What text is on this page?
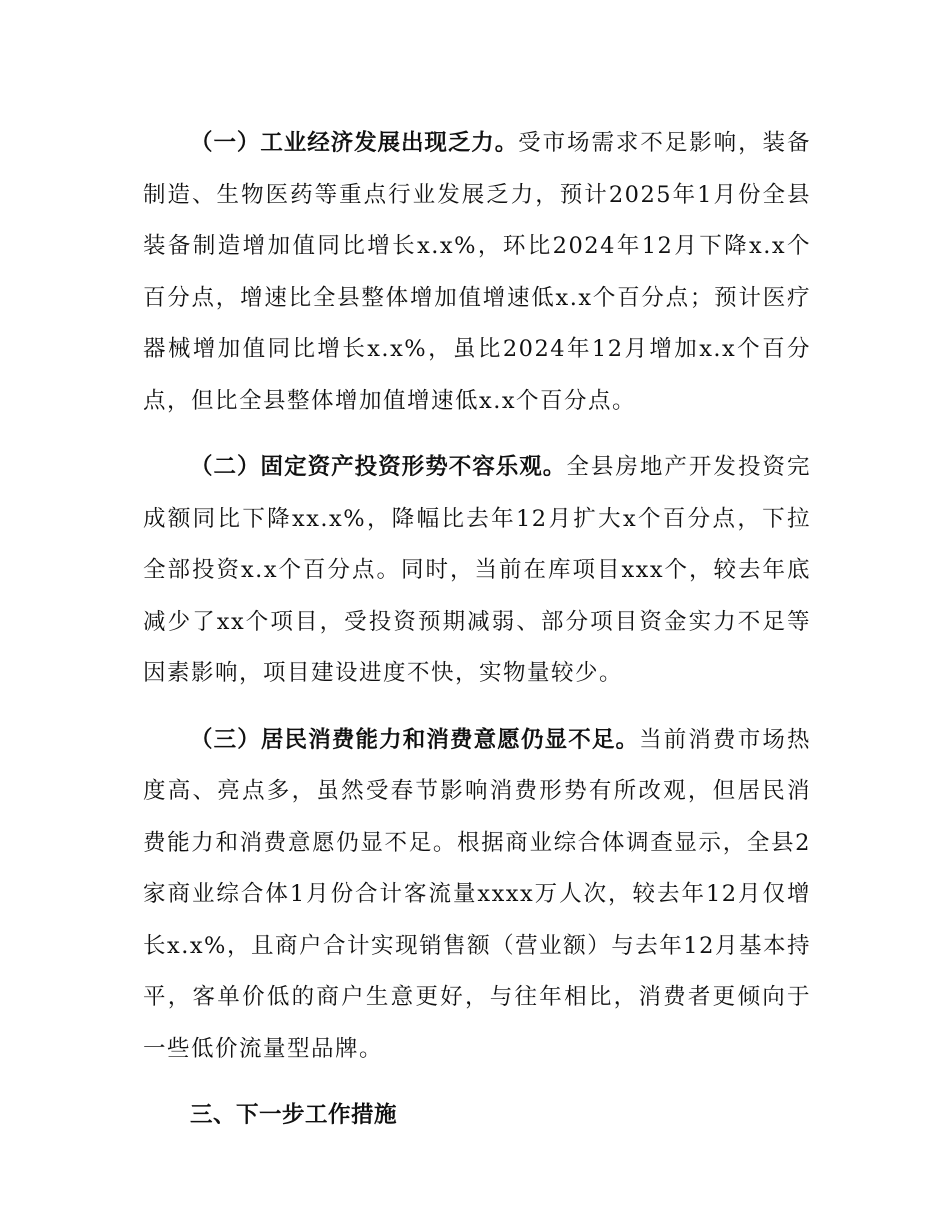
（一）工业经济发展出现乏力。受市场需求不足影响，装备制造、生物医药等重点行业发展乏力，预计2025年1月份全县装备制造增加值同比增长x.x%，环比2024年12月下降x.x个百分点，增速比全县整体增加值增速低x.x个百分点；预计医疗器械增加值同比增长x.x%，虽比2024年12月增加x.x个百分点，但比全县整体增加值增速低x.x个百分点。

（二）固定资产投资形势不容乐观。全县房地产开发投资完成额同比下降xx.x%，降幅比去年12月扩大x个百分点，下拉全部投资x.x个百分点。同时，当前在库项目xxx个，较去年底减少了xx个项目，受投资预期减弱、部分项目资金实力不足等因素影响，项目建设进度不快，实物量较少。

（三）居民消费能力和消费意愿仍显不足。当前消费市场热度高、亮点多，虽然受春节影响消费形势有所改观，但居民消费能力和消费意愿仍显不足。根据商业综合体调查显示，全县2家商业综合体1月份合计客流量xxxx万人次，较去年12月仅增长x.x%，且商户合计实现销售额（营业额）与去年12月基本持平，客单价低的商户生意更好，与往年相比，消费者更倾向于一些低价流量型品牌。

三、下一步工作措施
